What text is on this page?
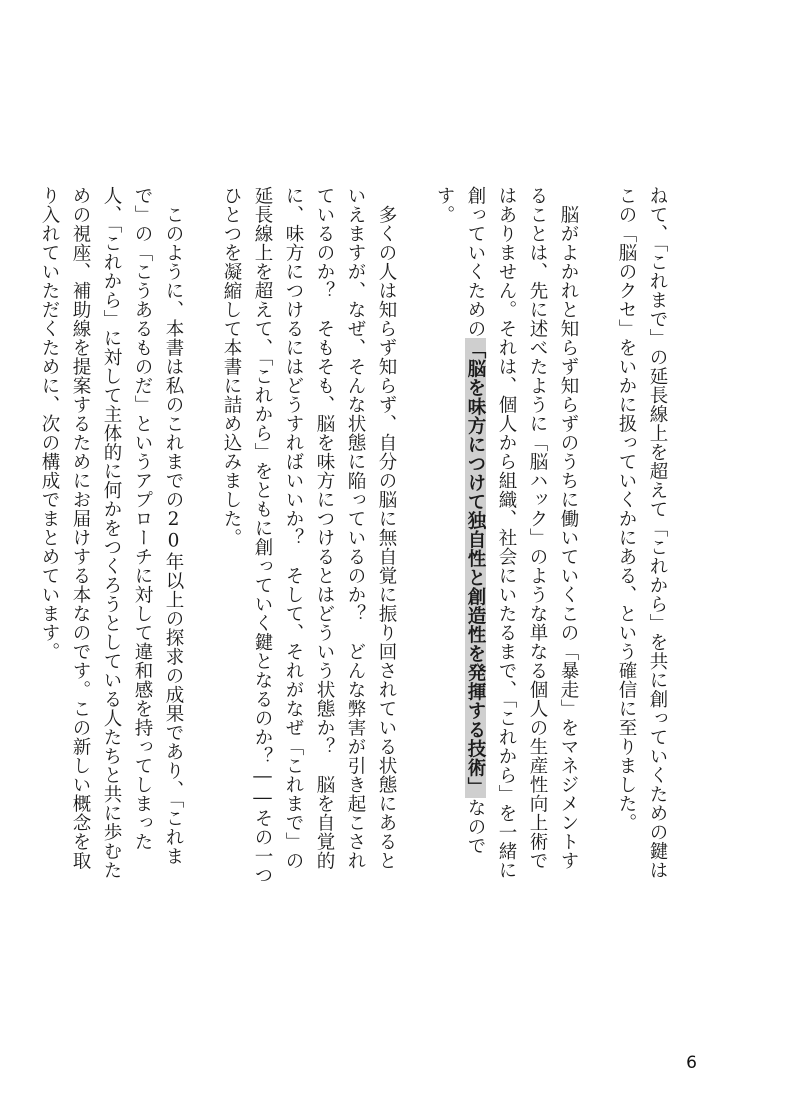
ねて、「これまで」の延長線上を超えて「これから」を共に創っていくための鍵はこの「脳のクセ」をいかに扱っていくかにある、という確信に至りました。

脳がよかれと知らず知らずのうちに働いていくこの「暴走」をマネジメントすることは、先に述べたように「脳ハック」のような単なる個人の生産性向上術ではありません。それは、個人から組織、社会にいたるまで、「これから」を一緒に創っていくための「脳を味方につけて独自性と創造性を発揮する技術」なのです。

多くの人は知らず知らず、自分の脳に無自覚に振り回されている状態にあるといえますが、なぜ、そんな状態に陥っているのか？　どんな弊害が引き起こされているのか？　そもそも、脳を味方につけるとはどういう状態か？　脳を自覚的に、味方につけるにはどうすればいいか？　そして、それがなぜ「これまで」の延長線上を超えて、「これから」をともに創っていく鍵となるのか？――その一つひとつを凝縮して本書に詰め込みました。

このように、本書は私のこれまでの20年以上の探求の成果であり、「これまで」の「こうあるものだ」というアプローチに対して違和感を持ってしまった人、「これから」に対して主体的に何かをつくろうとしている人たちと共に歩むための視座、補助線を提案するためにお届けする本なのです。この新しい概念を取り入れていただくために、次の構成でまとめています。

6
